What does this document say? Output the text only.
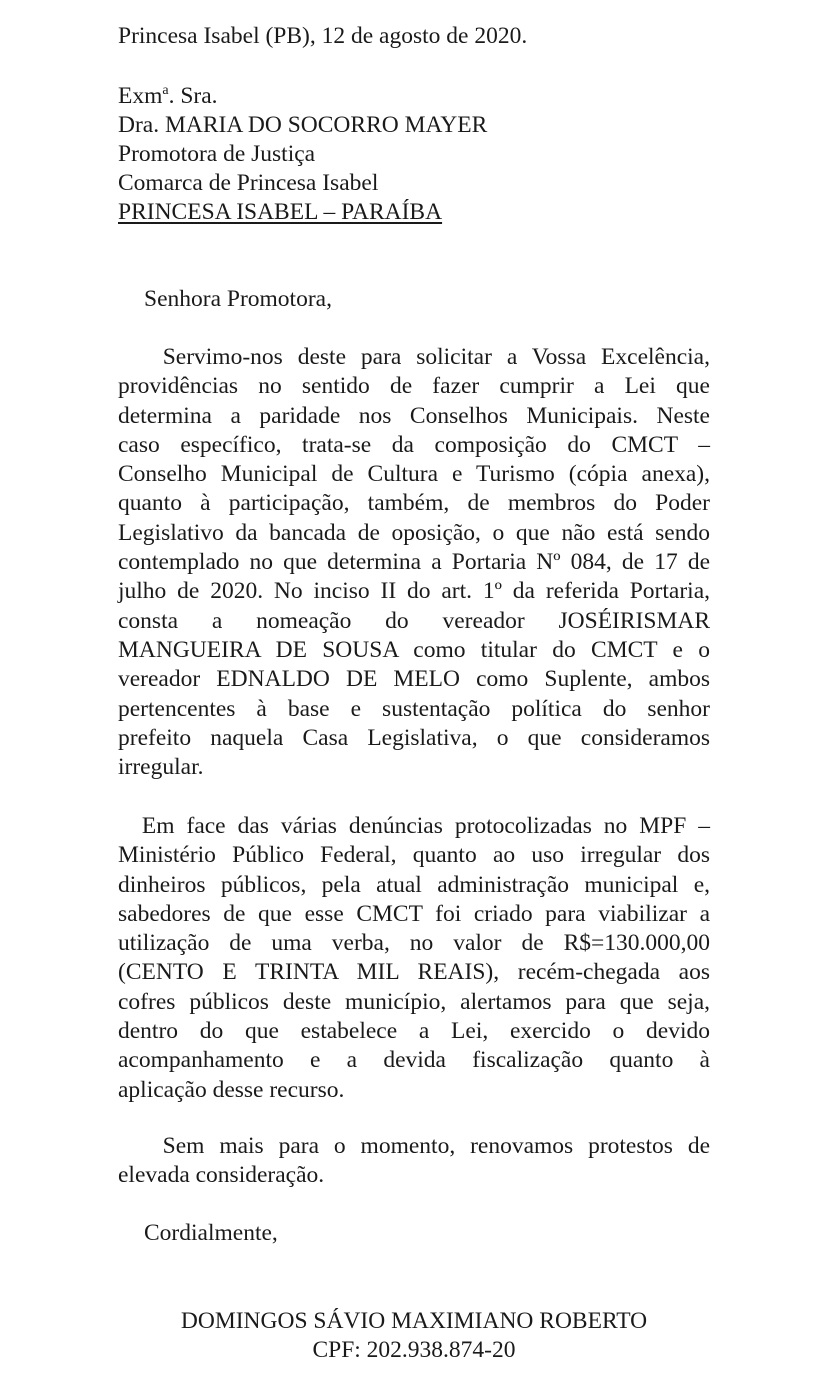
Princesa Isabel (PB), 12 de agosto de 2020.
Exm$^a$. Sra.
Dra. MARIA DO SOCORRO MAYER
Promotora de Justiça
Comarca de Princesa Isabel
PRINCESA ISABEL – PARAÍBA
Senhora Promotora,
Servimo-nos deste para solicitar a Vossa Excelência,
providências no sentido de fazer cumprir a Lei que
determina a paridade nos Conselhos Municipais. Neste
caso específico, trata-se da composição do CMCT –
Conselho Municipal de Cultura e Turismo (cópia anexa),
quanto à participação, também, de membros do Poder
Legislativo da bancada de oposição, o que não está sendo
contemplado no que determina a Portaria Nº 084, de 17 de
julho de 2020. No inciso II do art. 1º da referida Portaria,
consta a nomeação do vereador JOSÉIRISMAR
MANGUEIRA DE SOUSA como titular do CMCT e o
vereador EDNALDO DE MELO como Suplente, ambos
pertencentes à base e sustentação política do senhor
prefeito naquela Casa Legislativa, o que consideramos
irregular.
Em face das várias denúncias protocolizadas no MPF –
Ministério Público Federal, quanto ao uso irregular dos
dinheiros públicos, pela atual administração municipal e,
sabedores de que esse CMCT foi criado para viabilizar a
utilização de uma verba, no valor de R$=130.000,00
(CENTO E TRINTA MIL REAIS), recém-chegada aos
cofres públicos deste município, alertamos para que seja,
dentro do que estabelece a Lei, exercido o devido
acompanhamento e a devida fiscalização quanto à
aplicação desse recurso.
Sem mais para o momento, renovamos protestos de
elevada consideração.
Cordialmente,
DOMINGOS SÁVIO MAXIMIANO ROBERTO
CPF: 202.938.874-20
